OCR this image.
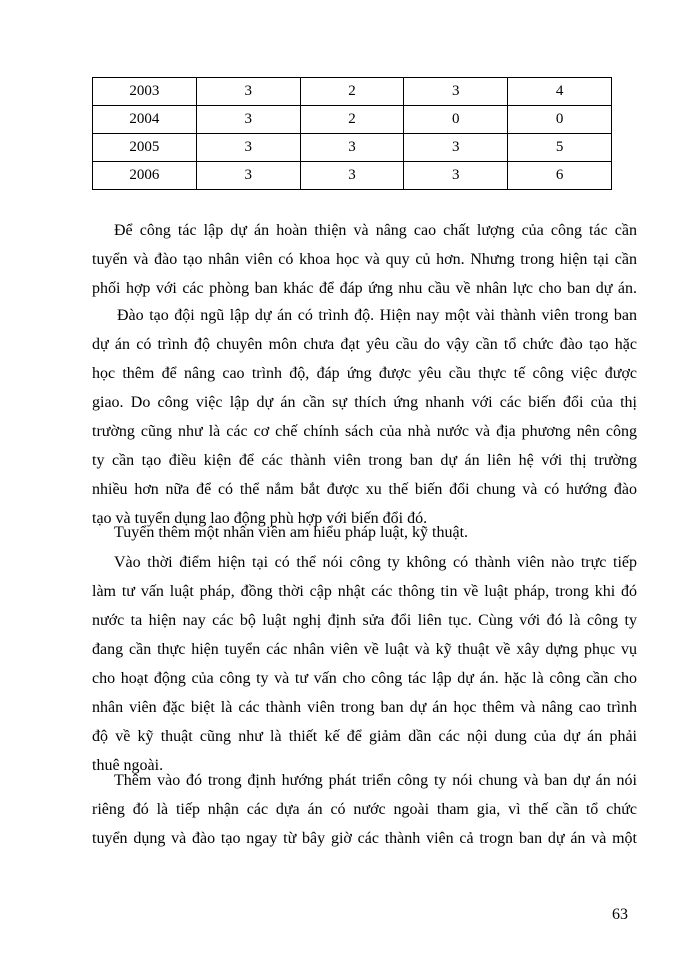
2003	3	2	3	4
2004	3	2	0	0
2005	3	3	3	5
2006	3	3	3	6
Để công tác lập dự án hoàn thiện và nâng cao chất lượng của công tác cần
tuyển và đào tạo nhân viên có khoa học và quy củ hơn. Nhưng trong hiện tại cần
phối hợp với các phòng ban khác để đáp ứng nhu cầu về nhân lực cho ban dự án.
Đào tạo đội ngũ lập dự án có trình độ. Hiện nay một vài thành viên trong ban
dự án có trình độ chuyên môn chưa đạt yêu cầu do vậy cần tổ chức đào tạo hặc
học thêm để nâng cao trình độ, đáp ứng được yêu cầu thực tế công việc được
giao. Do công việc lập dự án cần sự thích ứng nhanh với các biến đổi của thị
trường cũng như là các cơ chế chính sách của nhà nước và địa phương nên công
ty cần tạo điều kiện để các thành viên trong ban dự án liên hệ với thị trường
nhiều hơn nữa để có thể nắm bắt được xu thế biến đổi chung và có hướng đào
tạo và tuyển dụng lao động phù hợp với biến đổi đó.
Tuyển thêm một nhân viên am hiểu pháp luật, kỹ thuật.
Vào thời điểm hiện tại có thể nói công ty không có thành viên nào trực tiếp
làm tư vấn luật pháp, đồng thời cập nhật các thông tin về luật pháp, trong khi đó
nước ta hiện nay các bộ luật nghị định sửa đổi liên tục. Cùng với đó là công ty
đang cần thực hiện tuyển các nhân viên về luật và kỹ thuật về xây dựng phục vụ
cho hoạt động của công ty và tư vấn cho công tác lập dự án. hặc là công cần cho
nhân viên đặc biệt là các thành viên trong ban dự án học thêm và nâng cao trình
độ về kỹ thuật cũng như là thiết kế để giảm dần các nội dung của dự án phải
thuê ngoài.
Thêm vào đó trong định hướng phát triển công ty nói chung và ban dự án nói
riêng đó là tiếp nhận các dựa án có nước ngoài tham gia, vì thế cần tổ chức
tuyển dụng và đào tạo ngay từ bây giờ các thành viên cả trogn ban dự án và một
63
